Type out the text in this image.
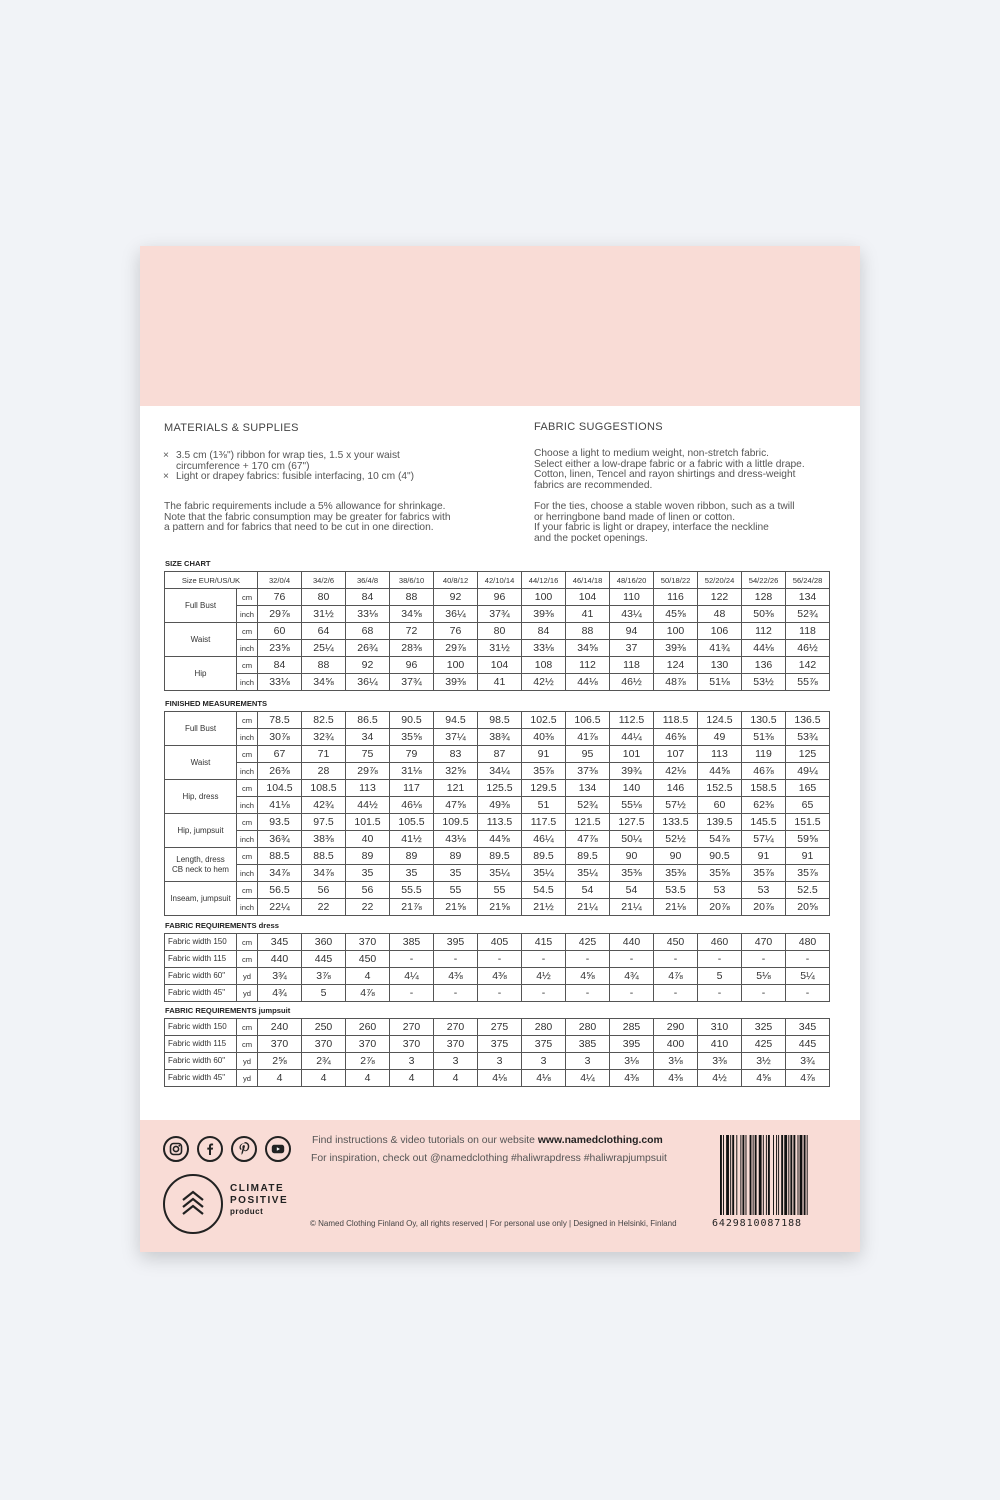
MATERIALS & SUPPLIES
× 3.5 cm (1⅜") ribbon for wrap ties, 1.5 x your waist
circumference + 170 cm (67")
× Light or drapey fabrics: fusible interfacing, 10 cm (4")

The fabric requirements include a 5% allowance for shrinkage.
Note that the fabric consumption may be greater for fabrics with
a pattern and for fabrics that need to be cut in one direction.

FABRIC SUGGESTIONS

Choose a light to medium weight, non-stretch fabric.
Select either a low-drape fabric or a fabric with a little drape.
Cotton, linen, Tencel and rayon shirtings and dress-weight
fabrics are recommended.

For the ties, choose a stable woven ribbon, such as a twill
or herringbone band made of linen or cotton.
If your fabric is light or drapey, interface the neckline
and the pocket openings.

SIZE CHART
Size EUR/US/UK		32/0/4	34/2/6	36/4/8	38/6/10	40/8/12	42/10/14	44/12/16	46/14/18	48/16/20	50/18/22	52/20/24	54/22/26	56/24/28

Full Bust	cm	76	80	84	88	92	96	100	104	110	116	122	128	134
	inch	29⅞	31½	33⅛	34⅝	36¼	37¾	39⅜	41	43¼	45⅝	48	50⅜	52¾

Waist	cm	60	64	68	72	76	80	84	88	94	100	106	112	118
	inch	23⅝	25¼	26¾	28⅜	29⅞	31½	33⅛	34⅝	37	39⅜	41¾	44⅛	46½

Hip	cm	84	88	92	96	100	104	108	112	118	124	130	136	142
	inch	33⅛	34⅝	36¼	37¾	39⅜	41	42½	44⅛	46½	48⅞	51⅛	53½	55⅞
FINISHED MEASUREMENTS
Full Bust	cm	78.5	82.5	86.5	90.5	94.5	98.5	102.5	106.5	112.5	118.5	124.5	130.5	136.5
	inch	30⅞	32¾	34	35⅝	37¼	38¾	40⅜	41⅞	44¼	46⅝	49	51⅜	53¾

Waist	cm	67	71	75	79	83	87	91	95	101	107	113	119	125
	inch	26⅜	28	29⅞	31⅛	32⅝	34¼	35⅞	37⅜	39¾	42⅛	44⅝	46⅞	49¼

Hip, dress	cm	104.5	108.5	113	117	121	125.5	129.5	134	140	146	152.5	158.5	165
	inch	41⅛	42¾	44½	46⅛	47⅝	49⅜	51	52¾	55⅛	57½	60	62⅜	65

Hip, jumpsuit	cm	93.5	97.5	101.5	105.5	109.5	113.5	117.5	121.5	127.5	133.5	139.5	145.5	151.5
	inch	36¾	38⅜	40	41½	43⅛	44⅝	46¼	47⅞	50¼	52½	54⅞	57¼	59⅝

Length, dress
CB neck to hem	cm	88.5	88.5	89	89	89	89.5	89.5	89.5	90	90	90.5	91	91
	inch	34⅞	34⅞	35	35	35	35¼	35¼	35¼	35⅜	35⅜	35⅝	35⅞	35⅞

Inseam, jumpsuit	cm	56.5	56	56	55.5	55	55	54.5	54	54	53.5	53	53	52.5
	inch	22¼	22	22	21⅞	21⅝	21⅝	21½	21¼	21¼	21⅛	20⅞	20⅞	20⅝
FABRIC REQUIREMENTS dress
Fabric width 150	cm	345	360	370	385	395	405	415	425	440	450	460	470	480
Fabric width 115	cm	440	445	450	-	-	-	-	-	-	-	-	-	-
Fabric width 60"	yd	3¾	3⅞	4	4¼	4⅜	4⅜	4½	4⅝	4¾	4⅞	5	5⅛	5¼
Fabric width 45"	yd	4¾	5	4⅞	-	-	-	-	-	-	-	-	-	-
FABRIC REQUIREMENTS jumpsuit
Fabric width 150	cm	240	250	260	270	270	275	280	280	285	290	310	325	345
Fabric width 115	cm	370	370	370	370	370	375	375	385	395	400	410	425	445
Fabric width 60"	yd	2⅝	2¾	2⅞	3	3	3	3	3	3⅛	3⅛	3⅜	3½	3¾
Fabric width 45"	yd	4	4	4	4	4	4⅛	4⅛	4¼	4⅜	4⅜	4½	4⅝	4⅞
CLIMATE
POSITIVE
product
Find instructions & video tutorials on our website www.namedclothing.com
For inspiration, check out @namedclothing #haliwrapdress #haliwrapjumpsuit
© Named Clothing Finland Oy, all rights reserved | For personal use only | Designed in Helsinki, Finland	6429810087188
